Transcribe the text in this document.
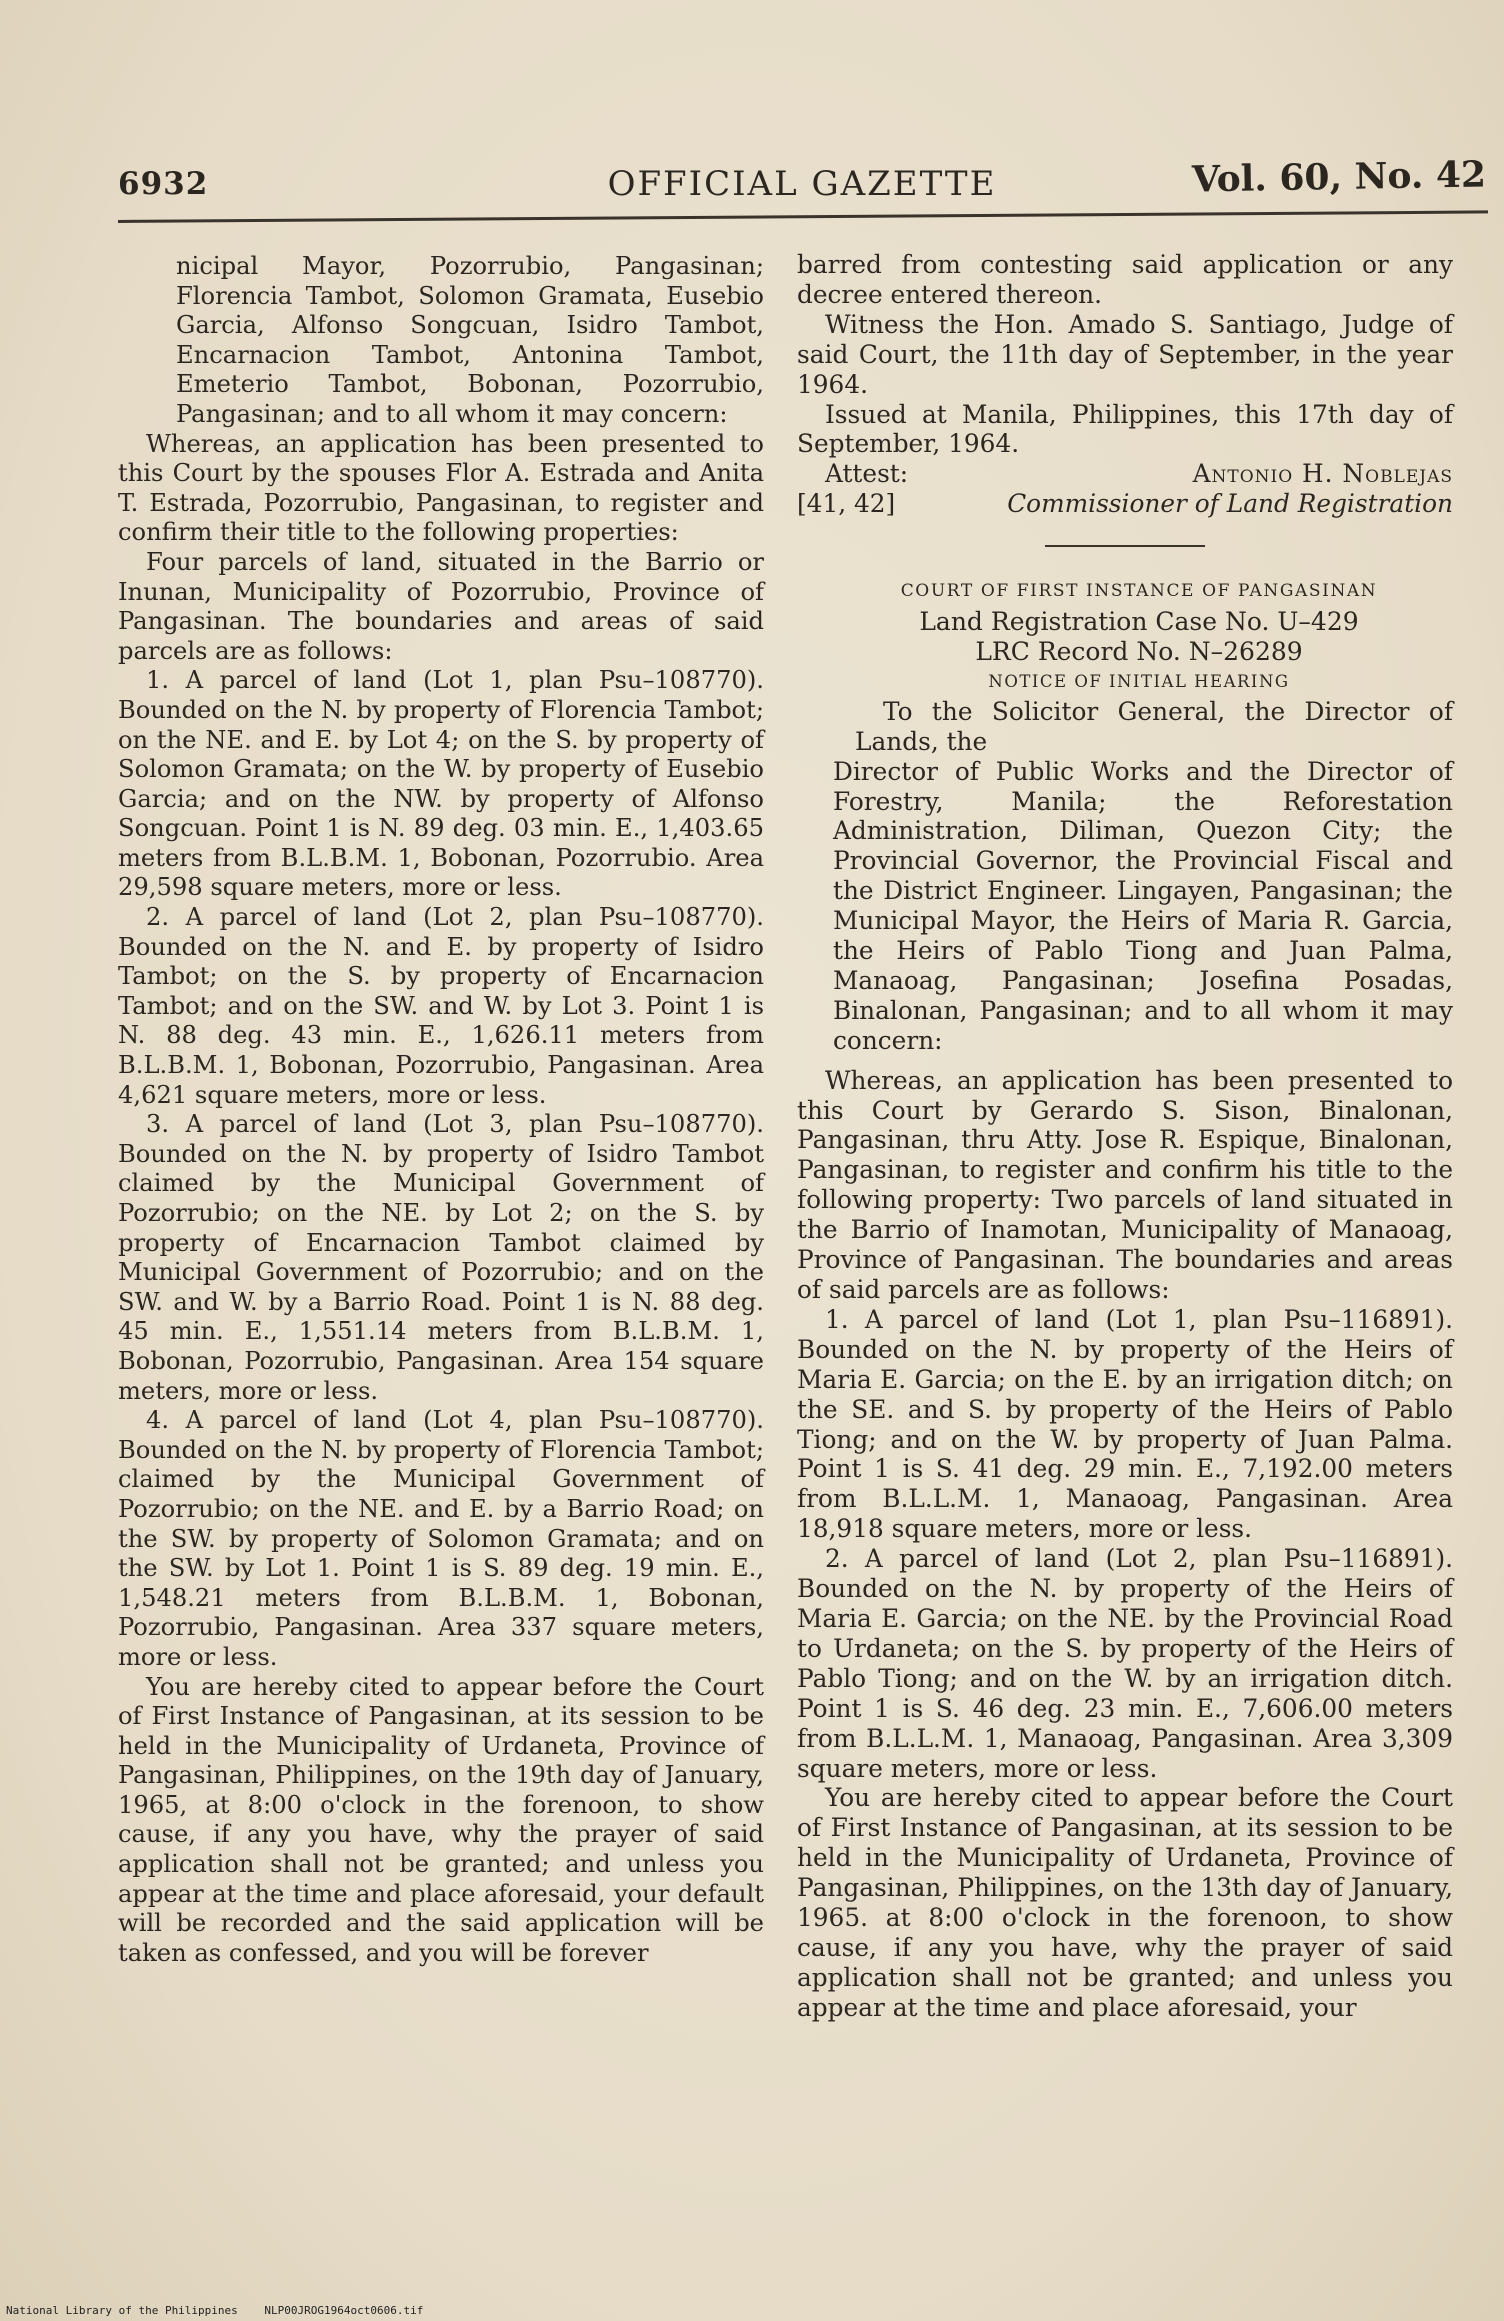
6932	OFFICIAL GAZETTE	Vol. 60, No. 42

nicipal Mayor, Pozorrubio, Pangasinan; Florencia Tambot, Solomon Gramata, Eusebio Garcia, Alfonso Songcuan, Isidro Tambot, Encarnacion Tambot, Antonina Tambot, Emeterio Tambot, Bobonan, Pozorrubio, Pangasinan; and to all whom it may concern:

Whereas, an application has been presented to this Court by the spouses Flor A. Estrada and Anita T. Estrada, Pozorrubio, Pangasinan, to register and confirm their title to the following properties:

Four parcels of land, situated in the Barrio or Inunan, Municipality of Pozorrubio, Province of Pangasinan. The boundaries and areas of said parcels are as follows:

1. A parcel of land (Lot 1, plan Psu–108770). Bounded on the N. by property of Florencia Tambot; on the NE. and E. by Lot 4; on the S. by property of Solomon Gramata; on the W. by property of Eusebio Garcia; and on the NW. by property of Alfonso Songcuan. Point 1 is N. 89 deg. 03 min. E., 1,403.65 meters from B.L.B.M. 1, Bobonan, Pozorrubio. Area 29,598 square meters, more or less.

2. A parcel of land (Lot 2, plan Psu–108770). Bounded on the N. and E. by property of Isidro Tambot; on the S. by property of Encarnacion Tambot; and on the SW. and W. by Lot 3. Point 1 is N. 88 deg. 43 min. E., 1,626.11 meters from B.L.B.M. 1, Bobonan, Pozorrubio, Pangasinan. Area 4,621 square meters, more or less.

3. A parcel of land (Lot 3, plan Psu–108770). Bounded on the N. by property of Isidro Tambot claimed by the Municipal Government of Pozorrubio; on the NE. by Lot 2; on the S. by property of Encarnacion Tambot claimed by Municipal Government of Pozorrubio; and on the SW. and W. by a Barrio Road. Point 1 is N. 88 deg. 45 min. E., 1,551.14 meters from B.L.B.M. 1, Bobonan, Pozorrubio, Pangasinan. Area 154 square meters, more or less.

4. A parcel of land (Lot 4, plan Psu–108770). Bounded on the N. by property of Florencia Tambot; claimed by the Municipal Government of Pozorrubio; on the NE. and E. by a Barrio Road; on the SW. by property of Solomon Gramata; and on the SW. by Lot 1. Point 1 is S. 89 deg. 19 min. E., 1,548.21 meters from B.L.B.M. 1, Bobonan, Pozorrubio, Pangasinan. Area 337 square meters, more or less.

You are hereby cited to appear before the Court of First Instance of Pangasinan, at its session to be held in the Municipality of Urdaneta, Province of Pangasinan, Philippines, on the 19th day of January, 1965, at 8:00 o'clock in the forenoon, to show cause, if any you have, why the prayer of said application shall not be granted; and unless you appear at the time and place aforesaid, your default will be recorded and the said application will be taken as confessed, and you will be forever

barred from contesting said application or any decree entered thereon.

Witness the Hon. Amado S. Santiago, Judge of said Court, the 11th day of September, in the year 1964.

Issued at Manila, Philippines, this 17th day of September, 1964.

Attest:	Antonio H. Noblejas
[41, 42]	Commissioner of Land Registration

COURT OF FIRST INSTANCE OF PANGASINAN

Land Registration Case No. U–429

LRC Record No. N–26289

NOTICE OF INITIAL HEARING

To the Solicitor General, the Director of Lands, the

Director of Public Works and the Director of Forestry, Manila; the Reforestation Administration, Diliman, Quezon City; the Provincial Governor, the Provincial Fiscal and the District Engineer. Lingayen, Pangasinan; the Municipal Mayor, the Heirs of Maria R. Garcia, the Heirs of Pablo Tiong and Juan Palma, Manaoag, Pangasinan; Josefina Posadas, Binalonan, Pangasinan; and to all whom it may concern:

Whereas, an application has been presented to this Court by Gerardo S. Sison, Binalonan, Pangasinan, thru Atty. Jose R. Espique, Binalonan, Pangasinan, to register and confirm his title to the following property: Two parcels of land situated in the Barrio of Inamotan, Municipality of Manaoag, Province of Pangasinan. The boundaries and areas of said parcels are as follows:

1. A parcel of land (Lot 1, plan Psu–116891). Bounded on the N. by property of the Heirs of Maria E. Garcia; on the E. by an irrigation ditch; on the SE. and S. by property of the Heirs of Pablo Tiong; and on the W. by property of Juan Palma. Point 1 is S. 41 deg. 29 min. E., 7,192.00 meters from B.L.L.M. 1, Manaoag, Pangasinan. Area 18,918 square meters, more or less.

2. A parcel of land (Lot 2, plan Psu–116891). Bounded on the N. by property of the Heirs of Maria E. Garcia; on the NE. by the Provincial Road to Urdaneta; on the S. by property of the Heirs of Pablo Tiong; and on the W. by an irrigation ditch. Point 1 is S. 46 deg. 23 min. E., 7,606.00 meters from B.L.L.M. 1, Manaoag, Pangasinan. Area 3,309 square meters, more or less.

You are hereby cited to appear before the Court of First Instance of Pangasinan, at its session to be held in the Municipality of Urdaneta, Province of Pangasinan, Philippines, on the 13th day of January, 1965. at 8:00 o'clock in the forenoon, to show cause, if any you have, why the prayer of said application shall not be granted; and unless you appear at the time and place aforesaid, your

National Library of the Philippines NLP00JROG1964oct0606.tif
